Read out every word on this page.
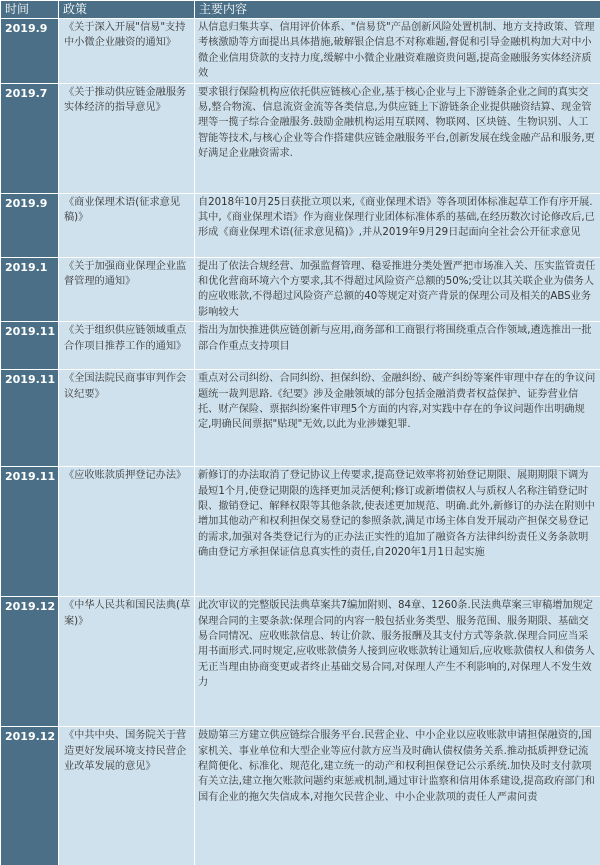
时间	政策	主要内容
2019.9	《关于深入开展"信易"支持中小微企业融资的通知》	从信息归集共享、信用评价体系、"信易贷"产品创新风险处置机制、地方支持政策、管理考核激励等方面提出具体措施,破解银企信息不对称难题,督促和引导金融机构加大对中小微企业信用贷款的支持力度,缓解中小微企业融资难融资贵问题,提高金融服务实体经济质效
2019.7	《关于推动供应链金融服务实体经济的指导意见》	要求银行保险机构应依托供应链核心企业,基于核心企业与上下游链条企业之间的真实交易,整合物流、信息流资金流等各类信息,为供应链上下游链条企业提供融资结算、现金管理等一揽子综合金融服务.鼓励金融机构运用互联网、物联网、区块链、生物识别、人工智能等技术,与核心企业等合作搭建供应链金融服务平台,创新发展在线金融产品和服务,更好满足企业融资需求.
2019.9	《商业保理术语(征求意见稿)》	自2018年10月25日获批立项以来,《商业保理术语》等各项团体标准起草工作有序开展.其中,《商业保理术语》作为商业保理行业团体标准体系的基础,在经历数次讨论修改后,已形成《商业保理术语(征求意见稿)》,并从2019年9月29日起面向全社会公开征求意见
2019.1	《关于加强商业保理企业监督管理的通知》	提出了依法合规经营、加强监督管理、稳妥推进分类处置严把市场准入关、压实监管责任和优化营商环境六个方要求,其不得超过风险资产总额的50%;受让以其关联企业为债务人的应收账款,不得超过风险资产总额的40等规定对资产背景的保理公司及相关的ABS业务影响较大
2019.11	《关于组织供应链领域重点合作项目推荐工作的通知》	指出为加快推进供应链创新与应用,商务部和工商银行将围绕重点合作领域,遴选推出一批部合作重点支持项目
2019.11	《全国法院民商事审判作会议纪要》	重点对公司纠纷、合同纠纷、担保纠纷、金融纠纷、破产纠纷等案件审理中存在的争议问题统一裁判思路.《纪要》涉及金融领域的部分包括金融消费者权益保护、证券营业信托、财产保险、票据纠纷案件审理5个方面的内容,对实践中存在的争议问题作出明确规定,明确民间票据"贴现"无效,以此为业涉嫌犯罪.
2019.11	《应收账款质押登记办法》	新修订的办法取消了登记协议上传要求,提高登记效率将初始登记期限、展期期限下调为最短1个月,使登记期限的选择更加灵活便利;修订或新增债权人与质权人名称注销登记时限、撤销登记、解释权限等其他条款,使表述更加规范、明确.此外,新修订的办法在附则中增加其他动产和权利担保交易登记的参照条款,满足市场主体自发开展动产担保交易登记的需求,加强对各类登记行为的正办法正实性的追加了融资各方法律纠纷责任义务条款明确由登记方承担保证信息真实性的责任,自2020年1月1日起实施
2019.12	《中华人民共和国民法典(草案)》	此次审议的完整版民法典草案共7编加附则、84章、1260条.民法典草案三审稿增加规定保理合同的主要条款:保理合同的内容一般包括业务类型、服务范围、服务期限、基础交易合同情况、应收账款信息、转让价款、服务报酬及其支付方式等条款.保理合同应当采用书面形式.同时规定,应收账款债务人接到应收账款转让通知后,应收账款债权人和债务人无正当理由协商变更或者终止基础交易合同,对保理人产生不利影响的,对保理人不发生效力
2019.12	《中共中央、国务院关于营造更好发展环境支持民营企业改革发展的意见》	鼓励第三方建立供应链综合服务平台.民营企业、中小企业以应收账款申请担保融资的,国家机关、事业单位和大型企业等应付款方应当及时确认债权债务关系.推动抵质押登记流程简便化、标准化、规范化,建立统一的动产和权利担保登记公示系统.加快及时支付款项有关立法,建立拖欠账款问题约束惩戒机制,通过审计监察和信用体系建设,提高政府部门和国有企业的拖欠失信成本,对拖欠民营企业、中小企业款项的责任人严肃问责
